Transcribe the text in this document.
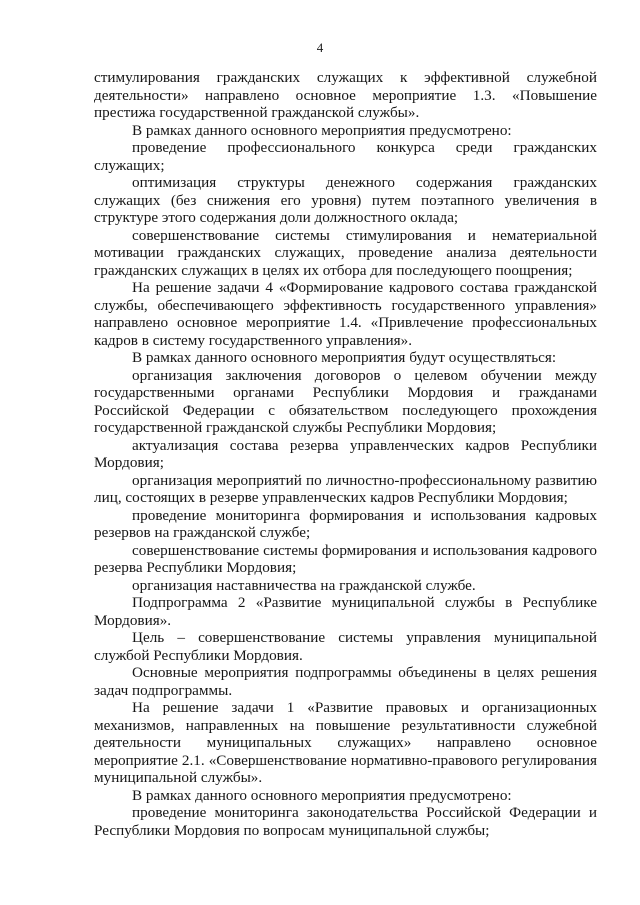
4

стимулирования гражданских служащих к эффективной служебной деятельности» направлено основное мероприятие 1.3. «Повышение престижа государственной гражданской службы».

В рамках данного основного мероприятия предусмотрено:

проведение профессионального конкурса среди гражданских служащих;

оптимизация структуры денежного содержания гражданских служащих (без снижения его уровня) путем поэтапного увеличения в структуре этого содержания доли должностного оклада;

совершенствование системы стимулирования и нематериальной мотивации гражданских служащих, проведение анализа деятельности гражданских служащих в целях их отбора для последующего поощрения;

На решение задачи 4 «Формирование кадрового состава гражданской службы, обеспечивающего эффективность государственного управления» направлено основное мероприятие 1.4. «Привлечение профессиональных кадров в систему государственного управления».

В рамках данного основного мероприятия будут осуществляться:

организация заключения договоров о целевом обучении между государственными органами Республики Мордовия и гражданами Российской Федерации с обязательством последующего прохождения государственной гражданской службы Республики Мордовия;

актуализация состава резерва управленческих кадров Республики Мордовия;

организация мероприятий по личностно-профессиональному развитию лиц, состоящих в резерве управленческих кадров Республики Мордовия;

проведение мониторинга формирования и использования кадровых резервов на гражданской службе;

совершенствование системы формирования и использования кадрового резерва Республики Мордовия;

организация наставничества на гражданской службе.

Подпрограмма 2 «Развитие муниципальной службы в Республике Мордовия».

Цель – совершенствование системы управления муниципальной службой Республики Мордовия.

Основные мероприятия подпрограммы объединены в целях решения задач подпрограммы.

На решение задачи 1 «Развитие правовых и организационных механизмов, направленных на повышение результативности служебной деятельности муниципальных служащих» направлено основное мероприятие 2.1. «Совершенствование нормативно-правового регулирования муниципальной службы».

В рамках данного основного мероприятия предусмотрено:

проведение мониторинга законодательства Российской Федерации и Республики Мордовия по вопросам муниципальной службы;
